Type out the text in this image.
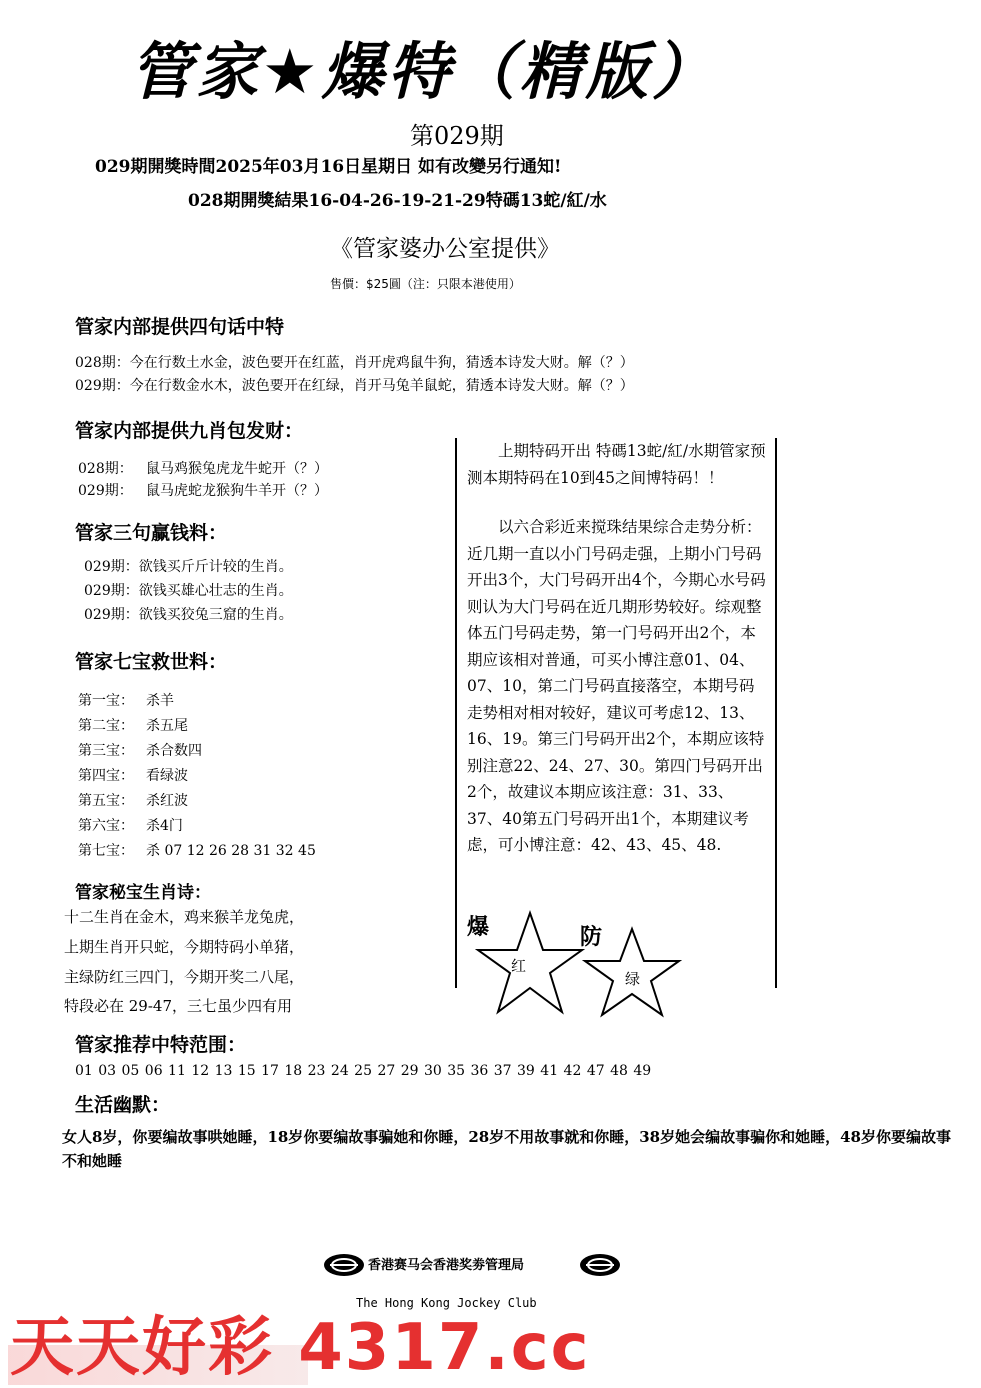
管家★爆特（精版）
第029期
029期開獎時間2025年03月16日星期日 如有改變另行通知!
028期開獎結果16-04-26-19-21-29特碼13蛇/紅/水
《管家婆办公室提供》
售價：$25圓（注：只限本港使用）
管家内部提供四句话中特
028期：今在行数土水金，波色要开在红蓝，肖开虎鸡鼠牛狗，猜透本诗发大财。解（？）
029期：今在行数金水木，波色要开在红绿，肖开马兔羊鼠蛇，猜透本诗发大财。解（？）
管家内部提供九肖包发财：
028期： 鼠马鸡猴兔虎龙牛蛇开（？）
029期： 鼠马虎蛇龙猴狗牛羊开（？）
管家三句赢钱料：
029期：欲钱买斤斤计较的生肖。
029期：欲钱买雄心壮志的生肖。
029期：欲钱买狡兔三窟的生肖。
管家七宝救世料：
第一宝： 杀羊
第二宝： 杀五尾
第三宝： 杀合数四
第四宝： 看绿波
第五宝： 杀红波
第六宝： 杀4门
第七宝： 杀 07 12 26 28 31 32 45
管家秘宝生肖诗：
十二生肖在金木，鸡来猴羊龙兔虎，
上期生肖开只蛇，今期特码小单猪，
主绿防红三四门，今期开奖二八尾，
特段必在 29-47，三七虽少四有用
上期特码开出 特碼13蛇/紅/水期管家预测本期特码在10到45之间博特码！！
以六合彩近来搅珠结果综合走势分析：近几期一直以小门号码走强，上期小门号码开出3个，大门号码开出4个，今期心水号码则认为大门号码在近几期形势较好。综观整体五门号码走势，第一门号码开出2个，本期应该相对普通，可买小博注意01、04、07、10，第二门号码直接落空，本期号码走势相对相对较好，建议可考虑12、13、16、19。第三门号码开出2个，本期应该特别注意22、24、27、30。第四门号码开出2个，故建议本期应该注意：31、33、37、40第五门号码开出1个，本期建议考虑，可小博注意：42、43、45、48.
爆
红
防
绿
管家推荐中特范围：
01 03 05 06 11 12 13 15 17 18 23 24 25 27 29 30 35 36 37 39 41 42 47 48 49
生活幽默：
女人8岁，你要编故事哄她睡，18岁你要编故事骗她和你睡，28岁不用故事就和你睡，38岁她会编故事骗你和她睡，48岁你要编故事不和她睡
香港赛马会香港奖劵管理局
The Hong Kong Jockey Club
天天好彩 4317.cc
